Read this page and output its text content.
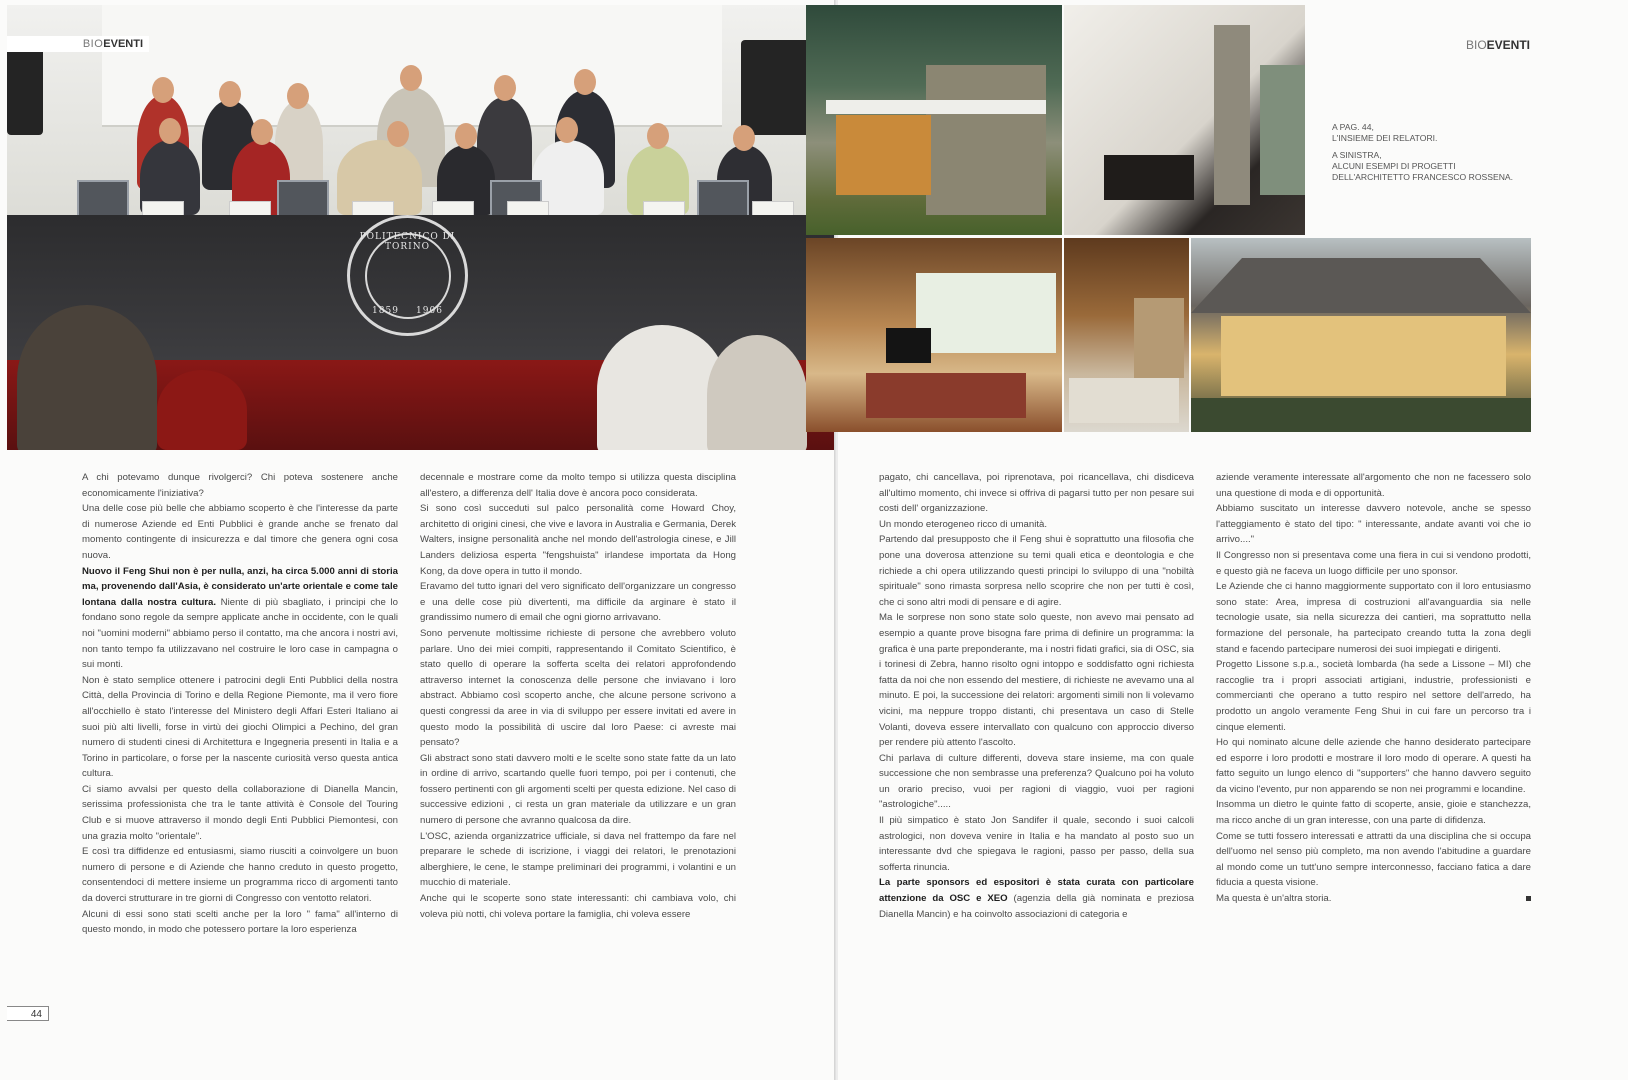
POLITECNICO DI TORINO
1859	1906
BIOEVENTI
44
BIOEVENTI

A PAG. 44,
L'INSIEME DEI RELATORI.

A SINISTRA,
ALCUNI ESEMPI DI PROGETTI
DELL'ARCHITETTO FRANCESCO ROSSENA.

A chi potevamo dunque rivolgerci? Chi poteva sostenere anche economicamente l'iniziativa?

Una delle cose più belle che abbiamo scoperto è che l'interesse da parte di numerose Aziende ed Enti Pubblici è grande anche se frenato dal momento contingente di insicurezza e dal timore che genera ogni cosa nuova.

Nuovo il Feng Shui non è per nulla, anzi, ha circa 5.000 anni di storia ma, provenendo dall'Asia, è considerato un'arte orientale e come tale lontana dalla nostra cultura. Niente di più sbagliato, i principi che lo fondano sono regole da sempre applicate anche in occidente, con le quali noi "uomini moderni" abbiamo perso il contatto, ma che ancora i nostri avi, non tanto tempo fa utilizzavano nel costruire le loro case in campagna o sui monti.

Non è stato semplice ottenere i patrocini degli Enti Pubblici della nostra Città, della Provincia di Torino e della Regione Piemonte, ma il vero fiore all'occhiello è stato l'interesse del Ministero degli Affari Esteri Italiano ai suoi più alti livelli, forse in virtù dei giochi Olimpici a Pechino, del gran numero di studenti cinesi di Architettura e Ingegneria presenti in Italia e a Torino in particolare, o forse per la nascente curiosità verso questa antica cultura.

Ci siamo avvalsi per questo della collaborazione di Dianella Mancin, serissima professionista che tra le tante attività è Console del Touring Club e si muove attraverso il mondo degli Enti Pubblici Piemontesi, con una grazia molto "orientale".

E così tra diffidenze ed entusiasmi, siamo riusciti a coinvolgere un buon numero di persone e di Aziende che hanno creduto in questo progetto, consentendoci di mettere insieme un programma ricco di argomenti tanto da doverci strutturare in tre giorni di Congresso con ventotto relatori.

Alcuni di essi sono stati scelti anche per la loro " fama" all'interno di questo mondo, in modo che potessero portare la loro esperienza

decennale e mostrare come da molto tempo si utilizza questa disciplina all'estero, a differenza dell' Italia dove è ancora poco considerata.

Si sono così succeduti sul palco personalità come Howard Choy, architetto di origini cinesi, che vive e lavora in Australia e Germania, Derek Walters, insigne personalità anche nel mondo dell'astrologia cinese, e Jill Landers deliziosa esperta "fengshuista" irlandese importata da Hong Kong, da dove opera in tutto il mondo.

Eravamo del tutto ignari del vero significato dell'organizzare un congresso e una delle cose più divertenti, ma difficile da arginare è stato il grandissimo numero di email che ogni giorno arrivavano.

Sono pervenute moltissime richieste di persone che avrebbero voluto parlare. Uno dei miei compiti, rappresentando il Comitato Scientifico, è stato quello di operare la sofferta scelta dei relatori approfondendo attraverso internet la conoscenza delle persone che inviavano i loro abstract. Abbiamo così scoperto anche, che alcune persone scrivono a questi congressi da aree in via di sviluppo per essere invitati ed avere in questo modo la possibilità di uscire dal loro Paese: ci avreste mai pensato?

Gli abstract sono stati davvero molti e le scelte sono state fatte da un lato in ordine di arrivo, scartando quelle fuori tempo, poi per i contenuti, che fossero pertinenti con gli argomenti scelti per questa edizione. Nel caso di successive edizioni , ci resta un gran materiale da utilizzare e un gran numero di persone che avranno qualcosa da dire.

L'OSC, azienda organizzatrice ufficiale, si dava nel frattempo da fare nel preparare le schede di iscrizione, i viaggi dei relatori, le prenotazioni alberghiere, le cene, le stampe preliminari dei programmi, i volantini e un mucchio di materiale.

Anche qui le scoperte sono state interessanti: chi cambiava volo, chi voleva più notti, chi voleva portare la famiglia, chi voleva essere

pagato, chi cancellava, poi riprenotava, poi ricancellava, chi disdiceva all'ultimo momento, chi invece si offriva di pagarsi tutto per non pesare sui costi dell' organizzazione.

Un mondo eterogeneo ricco di umanità.

Partendo dal presupposto che il Feng shui è soprattutto una filosofia che pone una doverosa attenzione su temi quali etica e deontologia e che richiede a chi opera utilizzando questi principi lo sviluppo di una "nobiltà spirituale" sono rimasta sorpresa nello scoprire che non per tutti è così, che ci sono altri modi di pensare e di agire.

Ma le sorprese non sono state solo queste, non avevo mai pensato ad esempio a quante prove bisogna fare prima di definire un programma: la grafica è una parte preponderante, ma i nostri fidati grafici, sia di OSC, sia i torinesi di Zebra, hanno risolto ogni intoppo e soddisfatto ogni richiesta fatta da noi che non essendo del mestiere, di richieste ne avevamo una al minuto. E poi, la successione dei relatori: argomenti simili non li volevamo vicini, ma neppure troppo distanti, chi presentava un caso di Stelle Volanti, doveva essere intervallato con qualcuno con approccio diverso per rendere più attento l'ascolto.

Chi parlava di culture differenti, doveva stare insieme, ma con quale successione che non sembrasse una preferenza? Qualcuno poi ha voluto un orario preciso, vuoi per ragioni di viaggio, vuoi per ragioni "astrologiche".....

Il più simpatico è stato Jon Sandifer il quale, secondo i suoi calcoli astrologici, non doveva venire in Italia e ha mandato al posto suo un interessante dvd che spiegava le ragioni, passo per passo, della sua sofferta rinuncia.

La parte sponsors ed espositori è stata curata con particolare attenzione da OSC e XEO (agenzia della già nominata e preziosa Dianella Mancin) e ha coinvolto associazioni di categoria e

aziende veramente interessate all'argomento che non ne facessero solo una questione di moda e di opportunità.

Abbiamo suscitato un interesse davvero notevole, anche se spesso l'atteggiamento è stato del tipo: " interessante, andate avanti voi che io arrivo...."

Il Congresso non si presentava come una fiera in cui si vendono prodotti, e questo già ne faceva un luogo difficile per uno sponsor.

Le Aziende che ci hanno maggiormente supportato con il loro entusiasmo sono state: Area, impresa di costruzioni all'avanguardia sia nelle tecnologie usate, sia nella sicurezza dei cantieri, ma soprattutto nella formazione del personale, ha partecipato creando tutta la zona degli stand e facendo partecipare numerosi dei suoi impiegati e dirigenti.

Progetto Lissone s.p.a., società lombarda (ha sede a Lissone – MI) che raccoglie tra i propri associati artigiani, industrie, professionisti e commercianti che operano a tutto respiro nel settore dell'arredo, ha prodotto un angolo veramente Feng Shui in cui fare un percorso tra i cinque elementi.

Ho qui nominato alcune delle aziende che hanno desiderato partecipare ed esporre i loro prodotti e mostrare il loro modo di operare. A questi ha fatto seguito un lungo elenco di "supporters" che hanno davvero seguito da vicino l'evento, pur non apparendo se non nei programmi e locandine.

Insomma un dietro le quinte fatto di scoperte, ansie, gioie e stanchezza, ma ricco anche di un gran interesse, con una parte di difidenza.

Come se tutti fossero interessati e attratti da una disciplina che si occupa dell'uomo nel senso più completo, ma non avendo l'abitudine a guardare al mondo come un tutt'uno sempre interconnesso, facciano fatica a dare fiducia a questa visione.

Ma questa è un'altra storia.
